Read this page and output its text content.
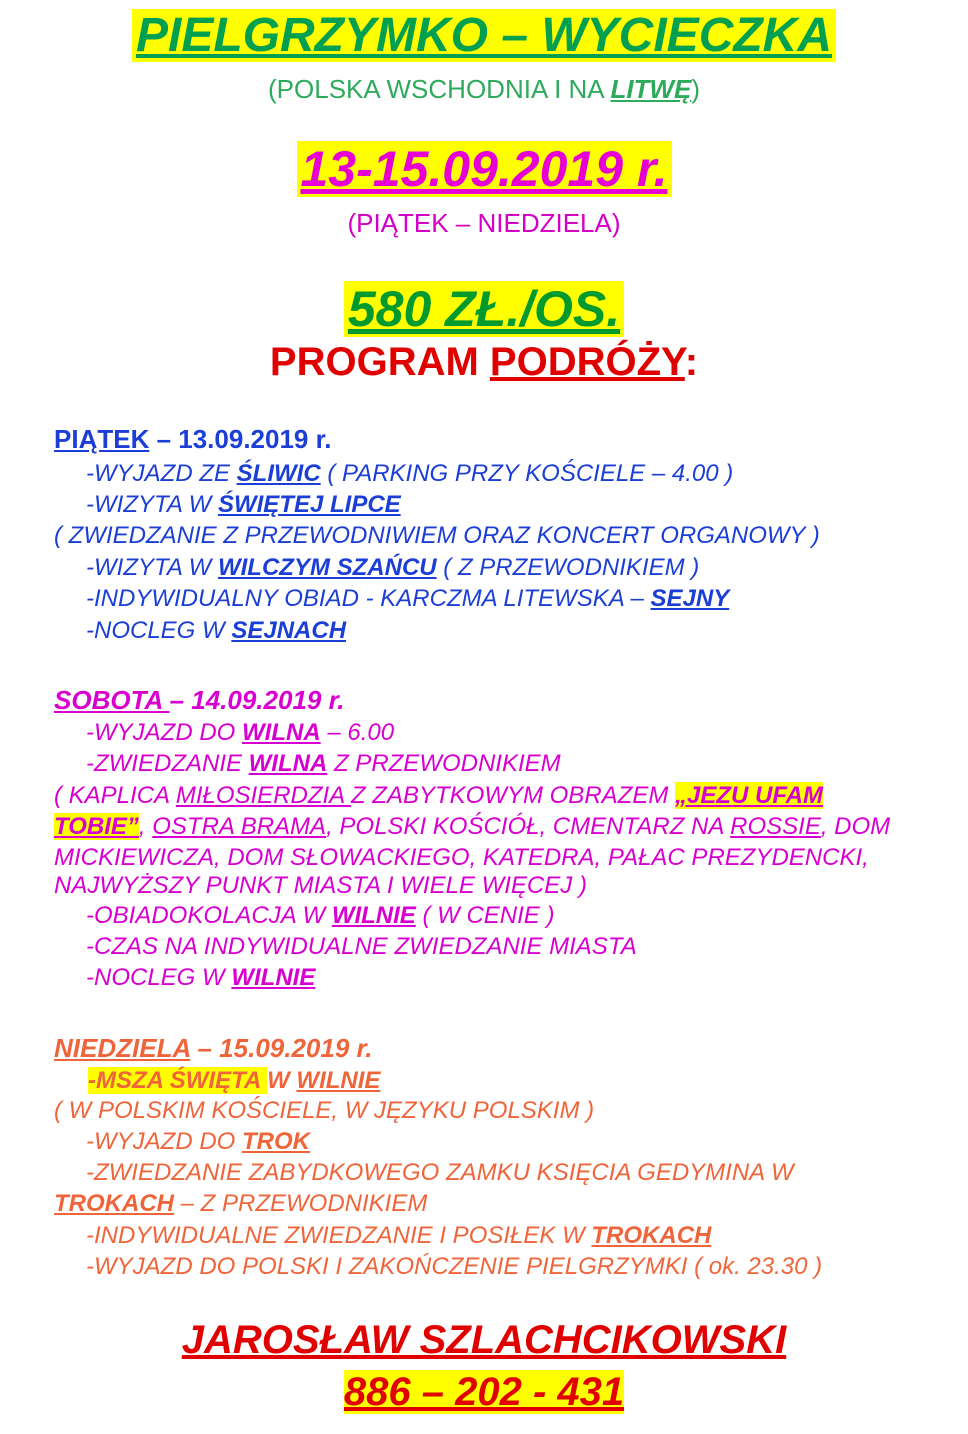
PIELGRZYMKO – WYCIECZKA
(POLSKA WSCHODNIA I NA LITWĘ)
13-15.09.2019 r.
(PIĄTEK – NIEDZIELA)
580 ZŁ./OS.
PROGRAM PODRÓŻY:
PIĄTEK – 13.09.2019 r.
-WYJAZD ZE ŚLIWIC ( PARKING PRZY KOŚCIELE – 4.00 )
-WIZYTA W ŚWIĘTEJ LIPCE
( ZWIEDZANIE Z PRZEWODNIWIEM ORAZ KONCERT ORGANOWY )
-WIZYTA W WILCZYM SZAŃCU ( Z PRZEWODNIKIEM )
-INDYWIDUALNY OBIAD - KARCZMA LITEWSKA – SEJNY
-NOCLEG W SEJNACH
SOBOTA – 14.09.2019 r.
-WYJAZD DO WILNA – 6.00
-ZWIEDZANIE WILNA Z PRZEWODNIKIEM
( KAPLICA MIŁOSIERDZIA Z ZABYTKOWYM OBRAZEM „JEZU UFAM
TOBIE”, OSTRA BRAMA, POLSKI KOŚCIÓŁ, CMENTARZ NA ROSSIE, DOM
MICKIEWICZA, DOM SŁOWACKIEGO, KATEDRA, PAŁAC PREZYDENCKI,
NAJWYŻSZY PUNKT MIASTA I WIELE WIĘCEJ )
-OBIADOKOLACJA W WILNIE ( W CENIE )
-CZAS NA INDYWIDUALNE ZWIEDZANIE MIASTA
-NOCLEG W WILNIE
NIEDZIELA – 15.09.2019 r.
-MSZA ŚWIĘTA W WILNIE
( W POLSKIM KOŚCIELE, W JĘZYKU POLSKIM )
-WYJAZD DO TROK
-ZWIEDZANIE ZABYDKOWEGO ZAMKU KSIĘCIA GEDYMINA W
TROKACH – Z PRZEWODNIKIEM
-INDYWIDUALNE ZWIEDZANIE I POSIŁEK W TROKACH
-WYJAZD DO POLSKI I ZAKOŃCZENIE PIELGRZYMKI ( ok. 23.30 )
JAROSŁAW SZLACHCIKOWSKI
886 – 202 - 431
